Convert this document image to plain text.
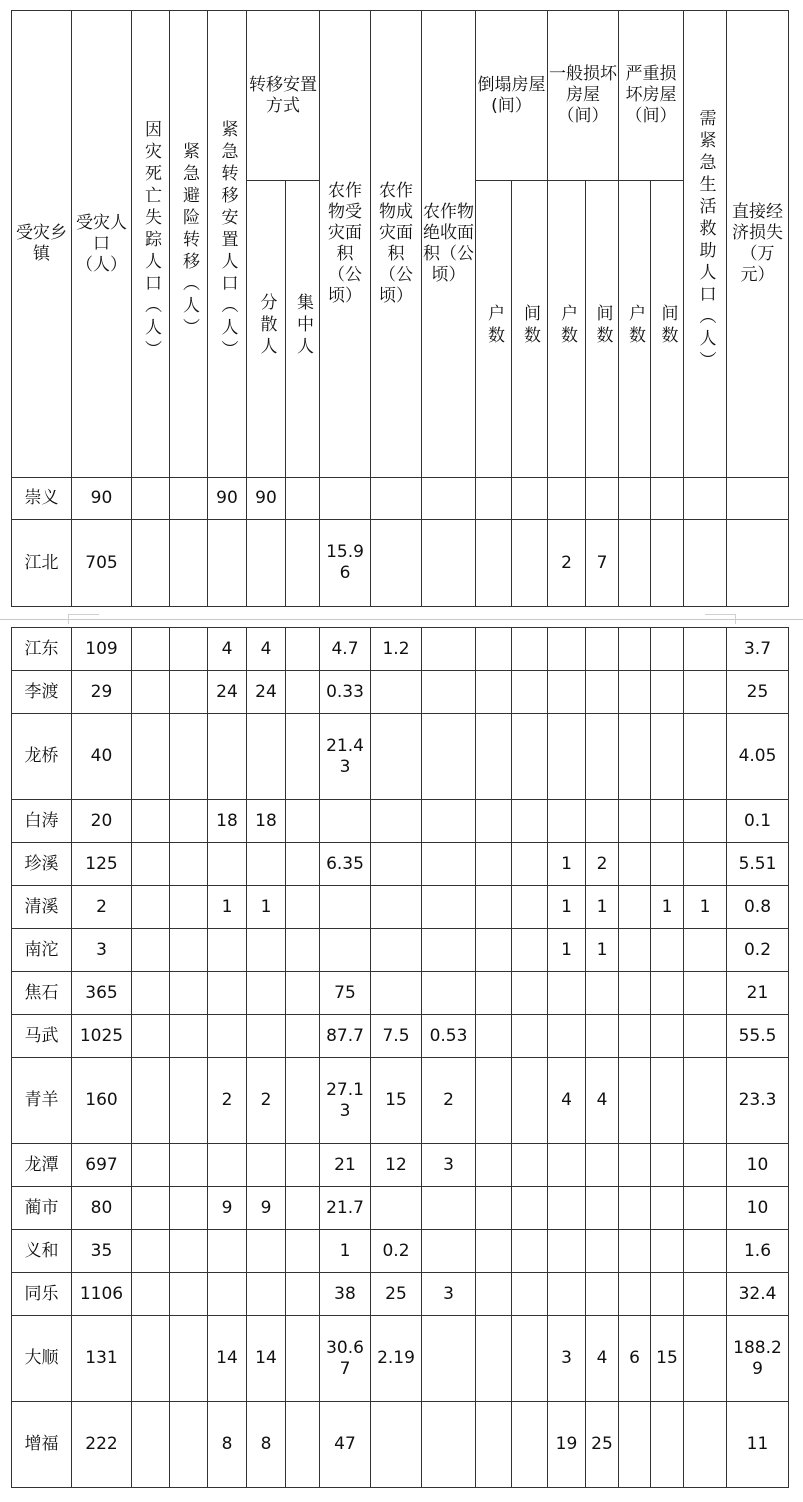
受灾乡镇	受灾人口（人）	因灾死亡失踪人口（人）	紧急避险转移（人）	紧急转移安置人口（人）	转移安置方式		农作物受灾面积（公顷）	农作物成灾面积（公顷）	农作物绝收面积（公顷）	倒塌房屋(间）		一般损坏房屋（间）		严重损坏房屋（间）		需紧急生活救助人口（人）	直接经济损失（万元）
					分散人	集中人				户数	间数	户数	间数	户数	间数		
崇义	90			90	90												
江北	705						15.96					2	7				
江东	109			4	4		4.7	1.2									3.7
李渡	29			24	24		0.33										25
龙桥	40						21.43										4.05
白涛	20			18	18												0.1
珍溪	125						6.35					1	2				5.51
清溪	2			1	1							1	1		1	1	0.8
南沱	3											1	1				0.2
焦石	365						75										21
马武	1025						87.7	7.5	0.53								55.5
青羊	160			2	2		27.13	15	2			4	4				23.3
龙潭	697						21	12	3								10
蔺市	80			9	9		21.7										10
义和	35						1	0.2									1.6
同乐	1106						38	25	3								32.4
大顺	131			14	14		30.67	2.19				3	4	6	15		188.29
增福	222			8	8		47					19	25				11
